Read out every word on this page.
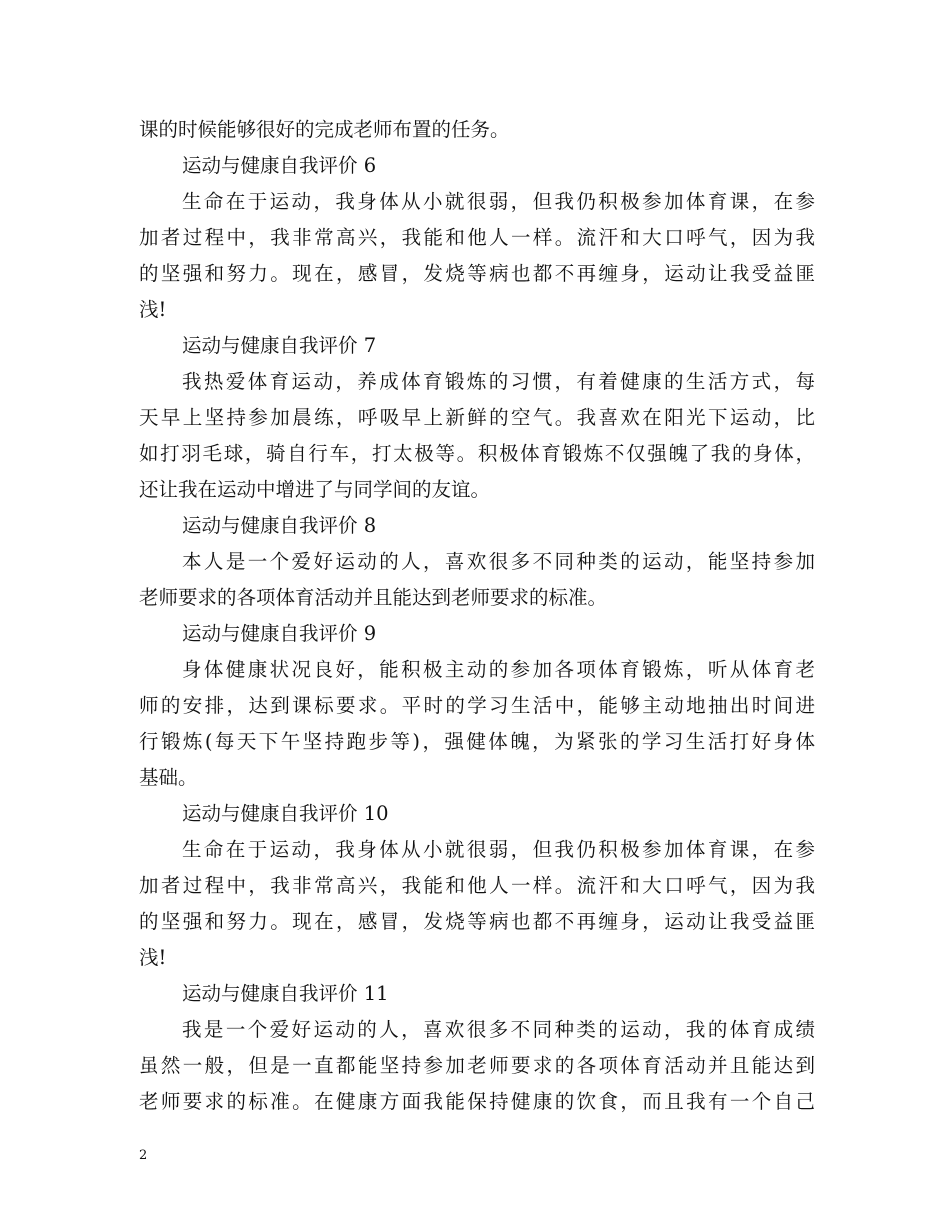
课的时候能够很好的完成老师布置的任务。
运动与健康自我评价 6
生命在于运动，我身体从小就很弱，但我仍积极参加体育课，在参
加者过程中，我非常高兴，我能和他人一样。流汗和大口呼气，因为我
的坚强和努力。现在，感冒，发烧等病也都不再缠身，运动让我受益匪
浅!
运动与健康自我评价 7
我热爱体育运动，养成体育锻炼的习惯，有着健康的生活方式，每
天早上坚持参加晨练，呼吸早上新鲜的空气。我喜欢在阳光下运动，比
如打羽毛球，骑自行车，打太极等。积极体育锻炼不仅强魄了我的身体，
还让我在运动中增进了与同学间的友谊。
运动与健康自我评价 8
本人是一个爱好运动的人，喜欢很多不同种类的运动，能坚持参加
老师要求的各项体育活动并且能达到老师要求的标准。
运动与健康自我评价 9
身体健康状况良好，能积极主动的参加各项体育锻炼，听从体育老
师的安排，达到课标要求。平时的学习生活中，能够主动地抽出时间进
行锻炼(每天下午坚持跑步等)，强健体魄，为紧张的学习生活打好身体
基础。
运动与健康自我评价 10
生命在于运动，我身体从小就很弱，但我仍积极参加体育课，在参
加者过程中，我非常高兴，我能和他人一样。流汗和大口呼气，因为我
的坚强和努力。现在，感冒，发烧等病也都不再缠身，运动让我受益匪
浅!
运动与健康自我评价 11
我是一个爱好运动的人，喜欢很多不同种类的运动，我的体育成绩
虽然一般，但是一直都能坚持参加老师要求的各项体育活动并且能达到
老师要求的标准。在健康方面我能保持健康的饮食，而且我有一个自己
2
